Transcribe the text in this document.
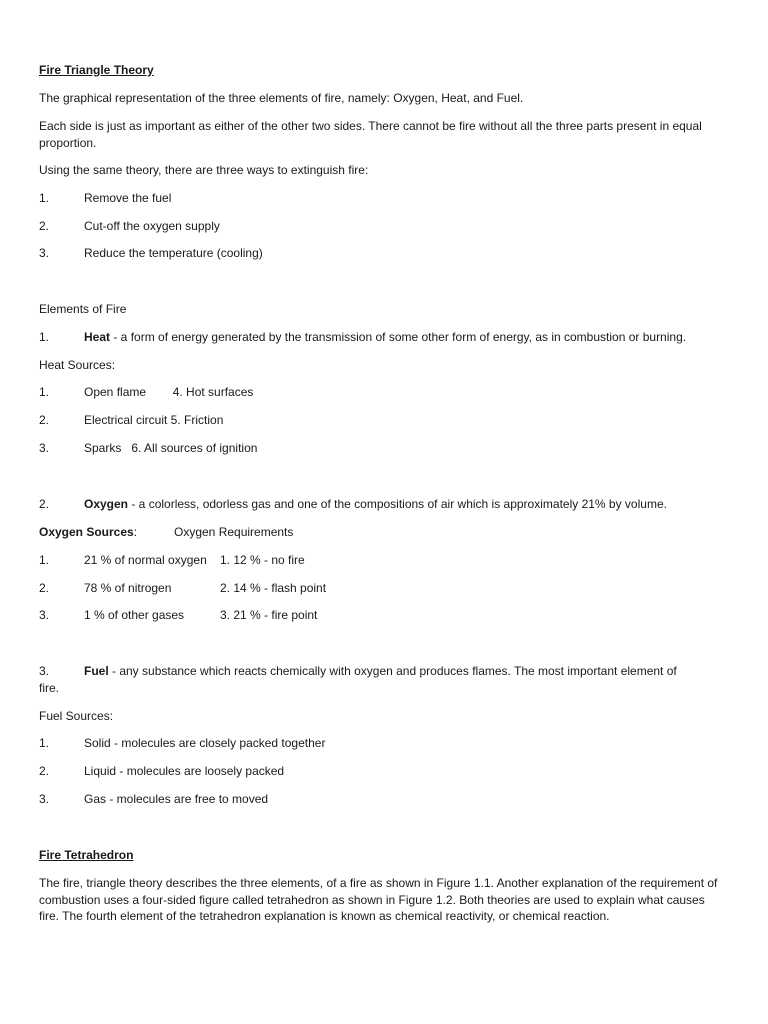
Fire Triangle Theory
The graphical representation of the three elements of fire, namely: Oxygen, Heat, and Fuel.
Each side is just as important as either of the other two sides. There cannot be fire without all the three parts present in equal proportion.
Using the same theory, there are three ways to extinguish fire:
1.	Remove the fuel
2.	Cut-off the oxygen supply
3.	Reduce the temperature (cooling)
Elements of Fire
1.	Heat - a form of energy generated by the transmission of some other form of energy, as in combustion or burning.
Heat Sources:
1.	Open flame        4. Hot surfaces
2.	Electrical circuit 5. Friction
3.	Sparks   6. All sources of ignition
2.	Oxygen - a colorless, odorless gas and one of the compositions of air which is approximately 21% by volume.
Oxygen Sources:	Oxygen Requirements
1.	21 % of normal oxygen 1. 12 % - no fire
2.	78 % of nitrogen	2. 14 % - flash point
3.	1 % of other gases	3. 21 % - fire point
3.	Fuel - any substance which reacts chemically with oxygen and produces flames. The most important element of
fire.
Fuel Sources:
1.	Solid - molecules are closely packed together
2.	Liquid - molecules are loosely packed
3.	Gas - molecules are free to moved
Fire Tetrahedron
The fire, triangle theory describes the three elements, of a fire as shown in Figure 1.1. Another explanation of the requirement of combustion uses a four-sided figure called tetrahedron as shown in Figure 1.2. Both theories are used to explain what causes fire. The fourth element of the tetrahedron explanation is known as chemical reactivity, or chemical reaction.
